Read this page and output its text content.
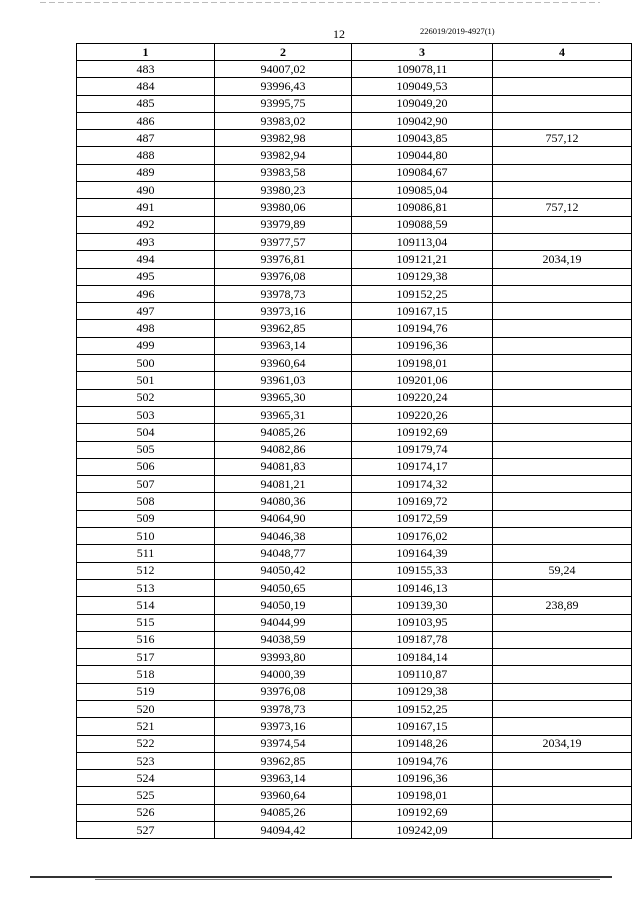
12	226019/2019-4927(1)
1	2	3	4
483	94007,02	109078,11	
484	93996,43	109049,53	
485	93995,75	109049,20	
486	93983,02	109042,90	
487	93982,98	109043,85	757,12
488	93982,94	109044,80	
489	93983,58	109084,67	
490	93980,23	109085,04	
491	93980,06	109086,81	757,12
492	93979,89	109088,59	
493	93977,57	109113,04	
494	93976,81	109121,21	2034,19
495	93976,08	109129,38	
496	93978,73	109152,25	
497	93973,16	109167,15	
498	93962,85	109194,76	
499	93963,14	109196,36	
500	93960,64	109198,01	
501	93961,03	109201,06	
502	93965,30	109220,24	
503	93965,31	109220,26	
504	94085,26	109192,69	
505	94082,86	109179,74	
506	94081,83	109174,17	
507	94081,21	109174,32	
508	94080,36	109169,72	
509	94064,90	109172,59	
510	94046,38	109176,02	
511	94048,77	109164,39	
512	94050,42	109155,33	59,24
513	94050,65	109146,13	
514	94050,19	109139,30	238,89
515	94044,99	109103,95	
516	94038,59	109187,78	
517	93993,80	109184,14	
518	94000,39	109110,87	
519	93976,08	109129,38	
520	93978,73	109152,25	
521	93973,16	109167,15	
522	93974,54	109148,26	2034,19
523	93962,85	109194,76	
524	93963,14	109196,36	
525	93960,64	109198,01	
526	94085,26	109192,69	
527	94094,42	109242,09	
